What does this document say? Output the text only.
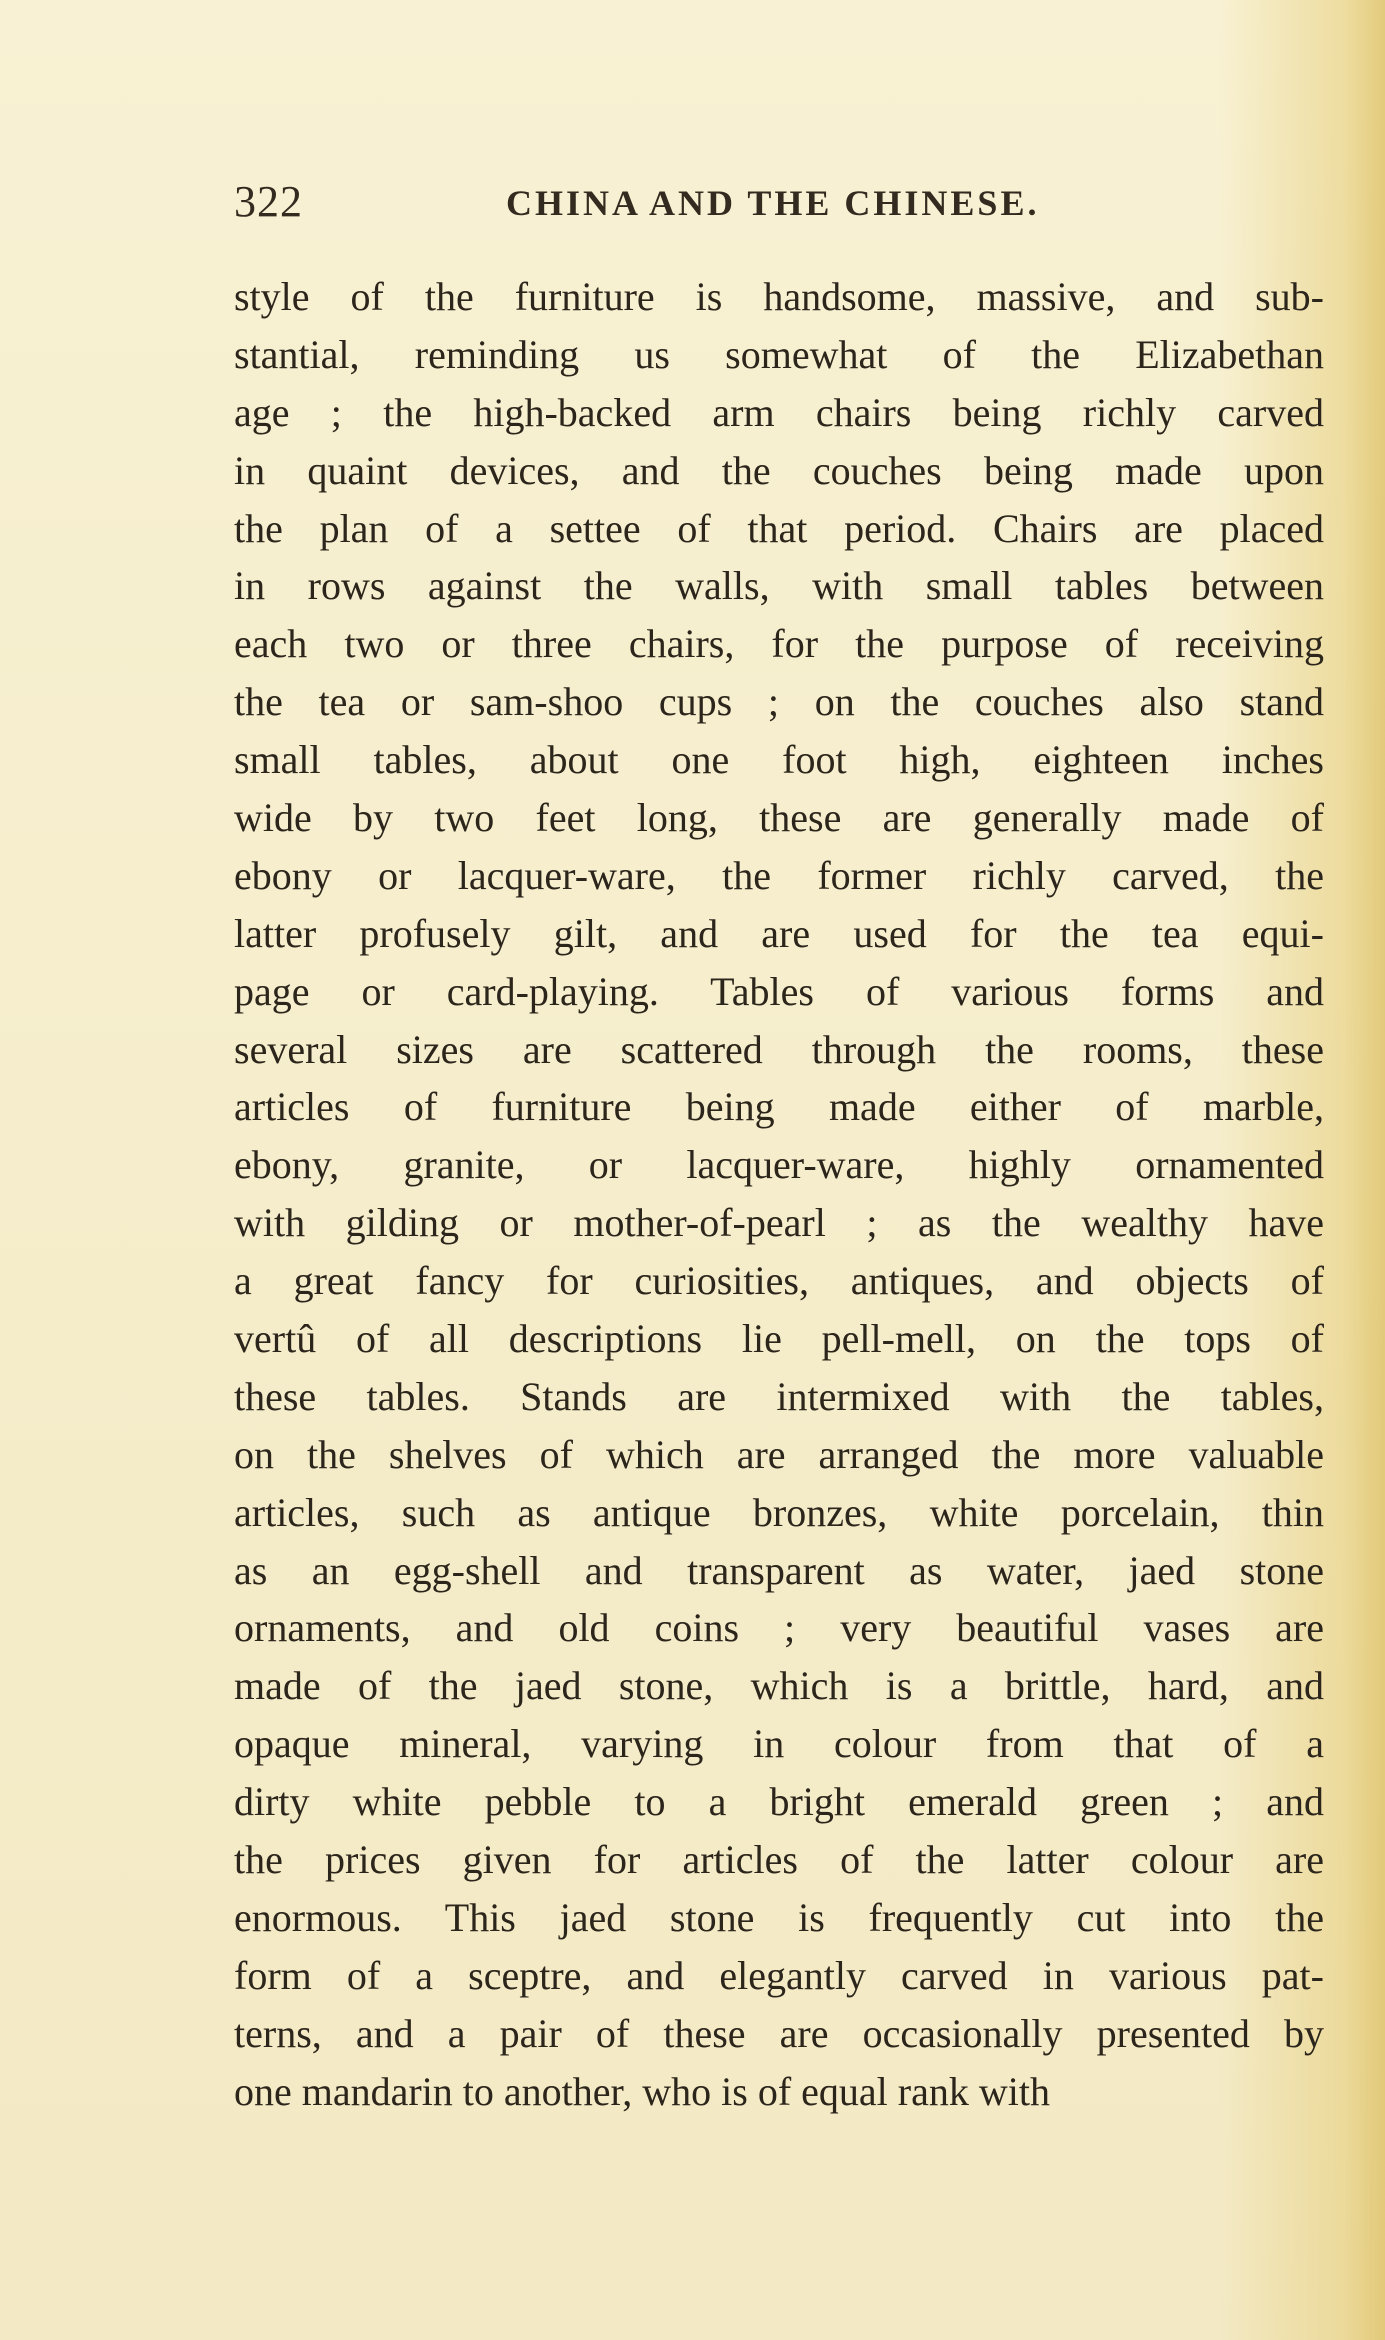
322	CHINA AND THE CHINESE.
style of the furniture is handsome, massive, and sub-
stantial, reminding us somewhat of the Elizabethan
age ; the high-backed arm chairs being richly carved
in quaint devices, and the couches being made upon
the plan of a settee of that period. Chairs are placed
in rows against the walls, with small tables between
each two or three chairs, for the purpose of receiving
the tea or sam-shoo cups ; on the couches also stand
small tables, about one foot high, eighteen inches
wide by two feet long, these are generally made of
ebony or lacquer-ware, the former richly carved, the
latter profusely gilt, and are used for the tea equi-
page or card-playing. Tables of various forms and
several sizes are scattered through the rooms, these
articles of furniture being made either of marble,
ebony, granite, or lacquer-ware, highly ornamented
with gilding or mother-of-pearl ; as the wealthy have
a great fancy for curiosities, antiques, and objects of
vertû of all descriptions lie pell-mell, on the tops of
these tables. Stands are intermixed with the tables,
on the shelves of which are arranged the more valuable
articles, such as antique bronzes, white porcelain, thin
as an egg-shell and transparent as water, jaed stone
ornaments, and old coins ; very beautiful vases are
made of the jaed stone, which is a brittle, hard, and
opaque mineral, varying in colour from that of a
dirty white pebble to a bright emerald green ; and
the prices given for articles of the latter colour are
enormous. This jaed stone is frequently cut into the
form of a sceptre, and elegantly carved in various pat-
terns, and a pair of these are occasionally presented by
one mandarin to another, who is of equal rank with
